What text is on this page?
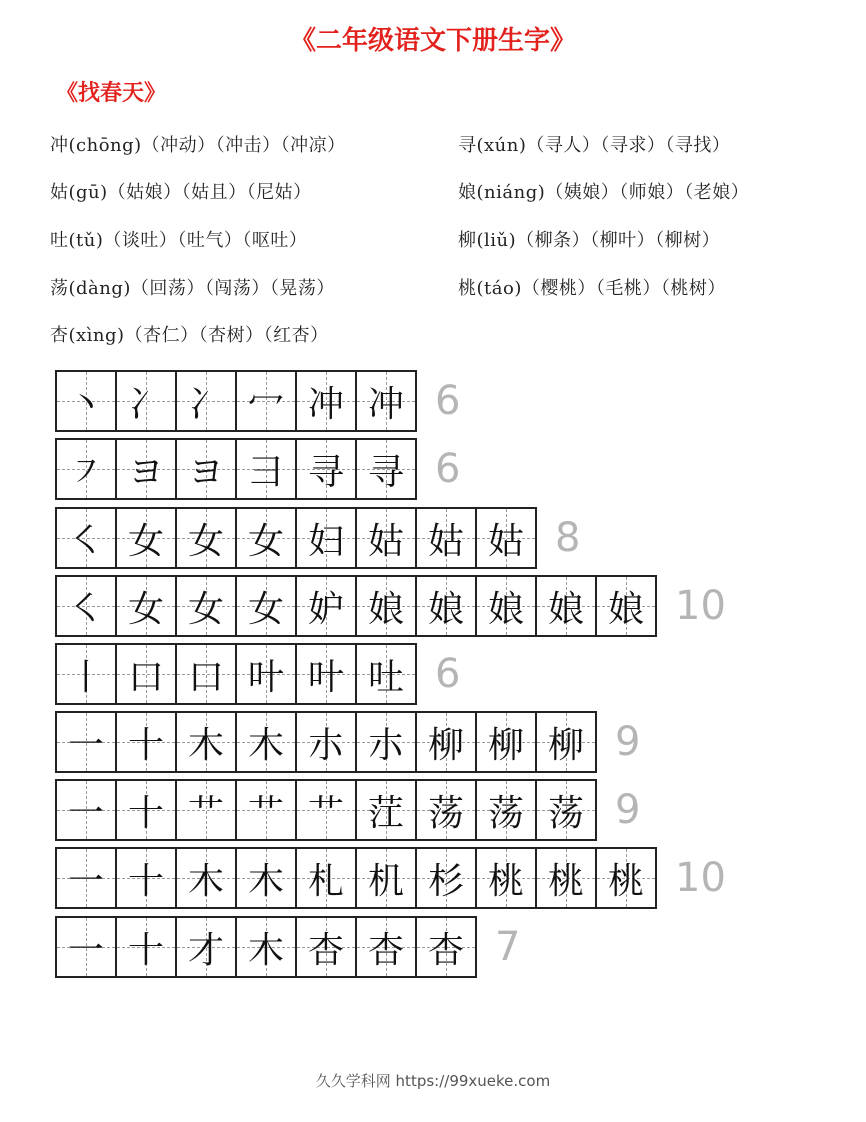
《二年级语文下册生字》
《找春天》
冲(chōng)（冲动）（冲击）（冲凉）
姑(gū)（姑娘）（姑且）（尼姑）
吐(tǔ)（谈吐）（吐气）（呕吐）
荡(dàng)（回荡）（闯荡）（晃荡）
杏(xìng)（杏仁）（杏树）（红杏）
寻(xún)（寻人）（寻求）（寻找）
娘(niáng)（姨娘）（师娘）（老娘）
柳(liǔ)（柳条）（柳叶）（柳树）
桃(táo)（樱桃）（毛桃）（桃树）
丶 冫 冫 冖 冲 冲 6
㇇ ヨ ヨ ⺕ 寻 寻 6
㇛ 女 女 女 妇 姑 姑 姑 8
㇛ 女 女 女 妒 娘 娘 娘 娘 娘 10
丨 口 口 叶 叶 吐 6
一 十 木 木 朩 朩 柳 柳 柳 9
一 十 艹 艹 艹 茳 荡 荡 荡 9
一 十 木 木 札 机 杉 桃 桃 桃 10
一 十 才 木 杏 杏 杏 7
久久学科网 https://99xueke.com
